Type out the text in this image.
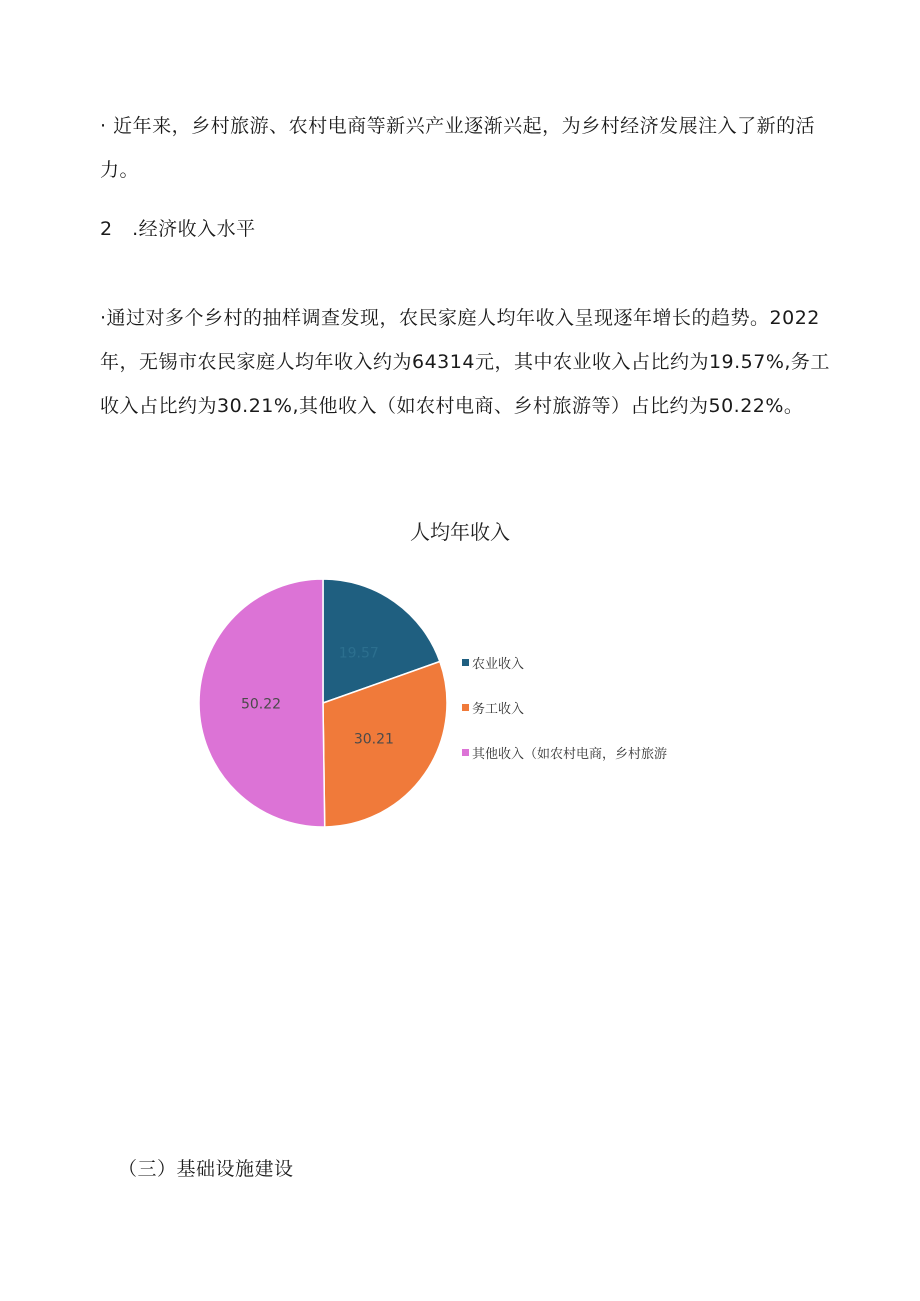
· 近年来，乡村旅游、农村电商等新兴产业逐渐兴起，为乡村经济发展注入了新的活力。
2　.经济收入水平
·通过对多个乡村的抽样调查发现，农民家庭人均年收入呈现逐年增长的趋势。2022年，无锡市农民家庭人均年收入约为64314元，其中农业收入占比约为19.57%,务工收入占比约为30.21%,其他收入（如农村电商、乡村旅游等）占比约为50.22%。
人均年收入
19.57
30.21
50.22
农业收入
务工收入
其他收入（如农村电商，乡村旅游
（三）基础设施建设
